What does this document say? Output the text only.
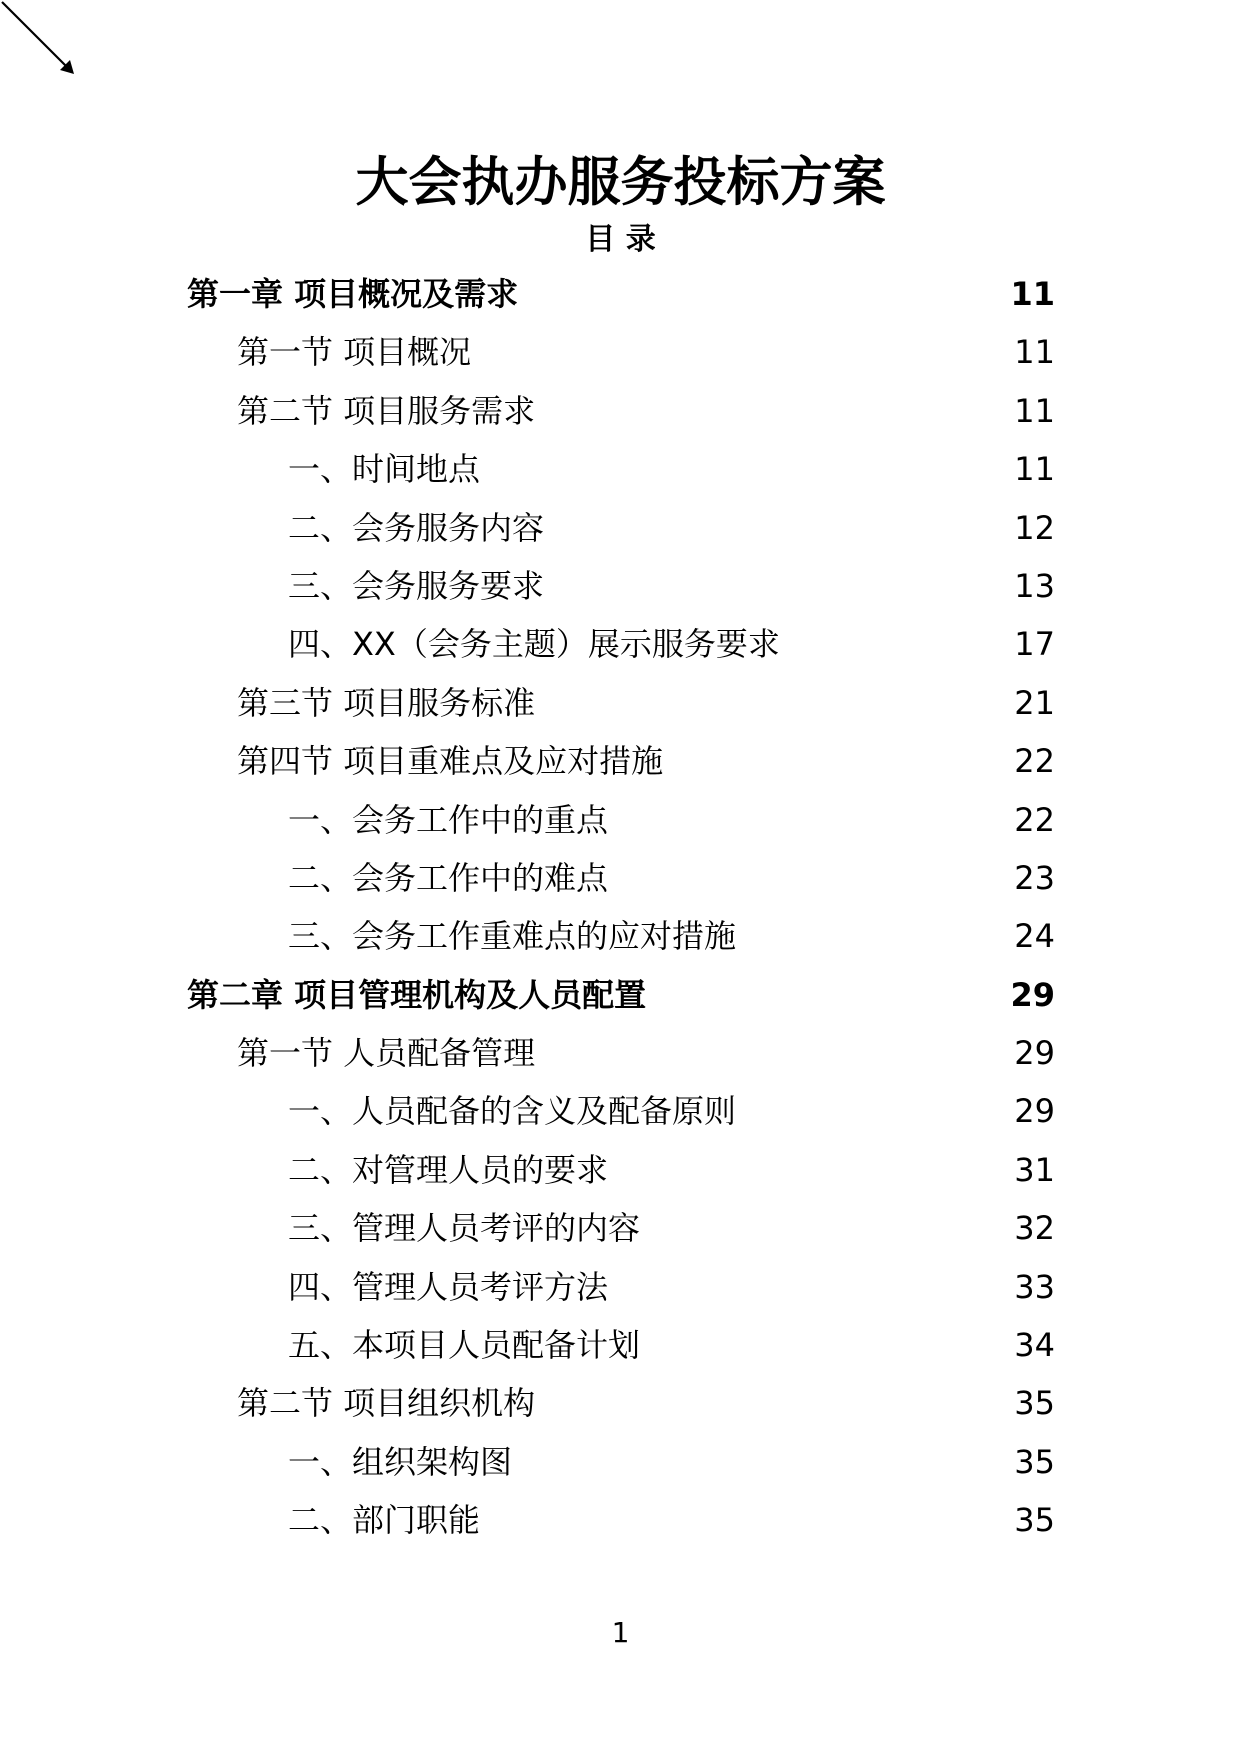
大会执办服务投标方案
目 录
第一章 项目概况及需求	11
第一节 项目概况	11
第二节 项目服务需求	11
一、时间地点	11
二、会务服务内容	12
三、会务服务要求	13
四、XX（会务主题）展示服务要求	17
第三节 项目服务标准	21
第四节 项目重难点及应对措施	22
一、会务工作中的重点	22
二、会务工作中的难点	23
三、会务工作重难点的应对措施	24
第二章 项目管理机构及人员配置	29
第一节 人员配备管理	29
一、人员配备的含义及配备原则	29
二、对管理人员的要求	31
三、管理人员考评的内容	32
四、管理人员考评方法	33
五、本项目人员配备计划	34
第二节 项目组织机构	35
一、组织架构图	35
二、部门职能	35
1
